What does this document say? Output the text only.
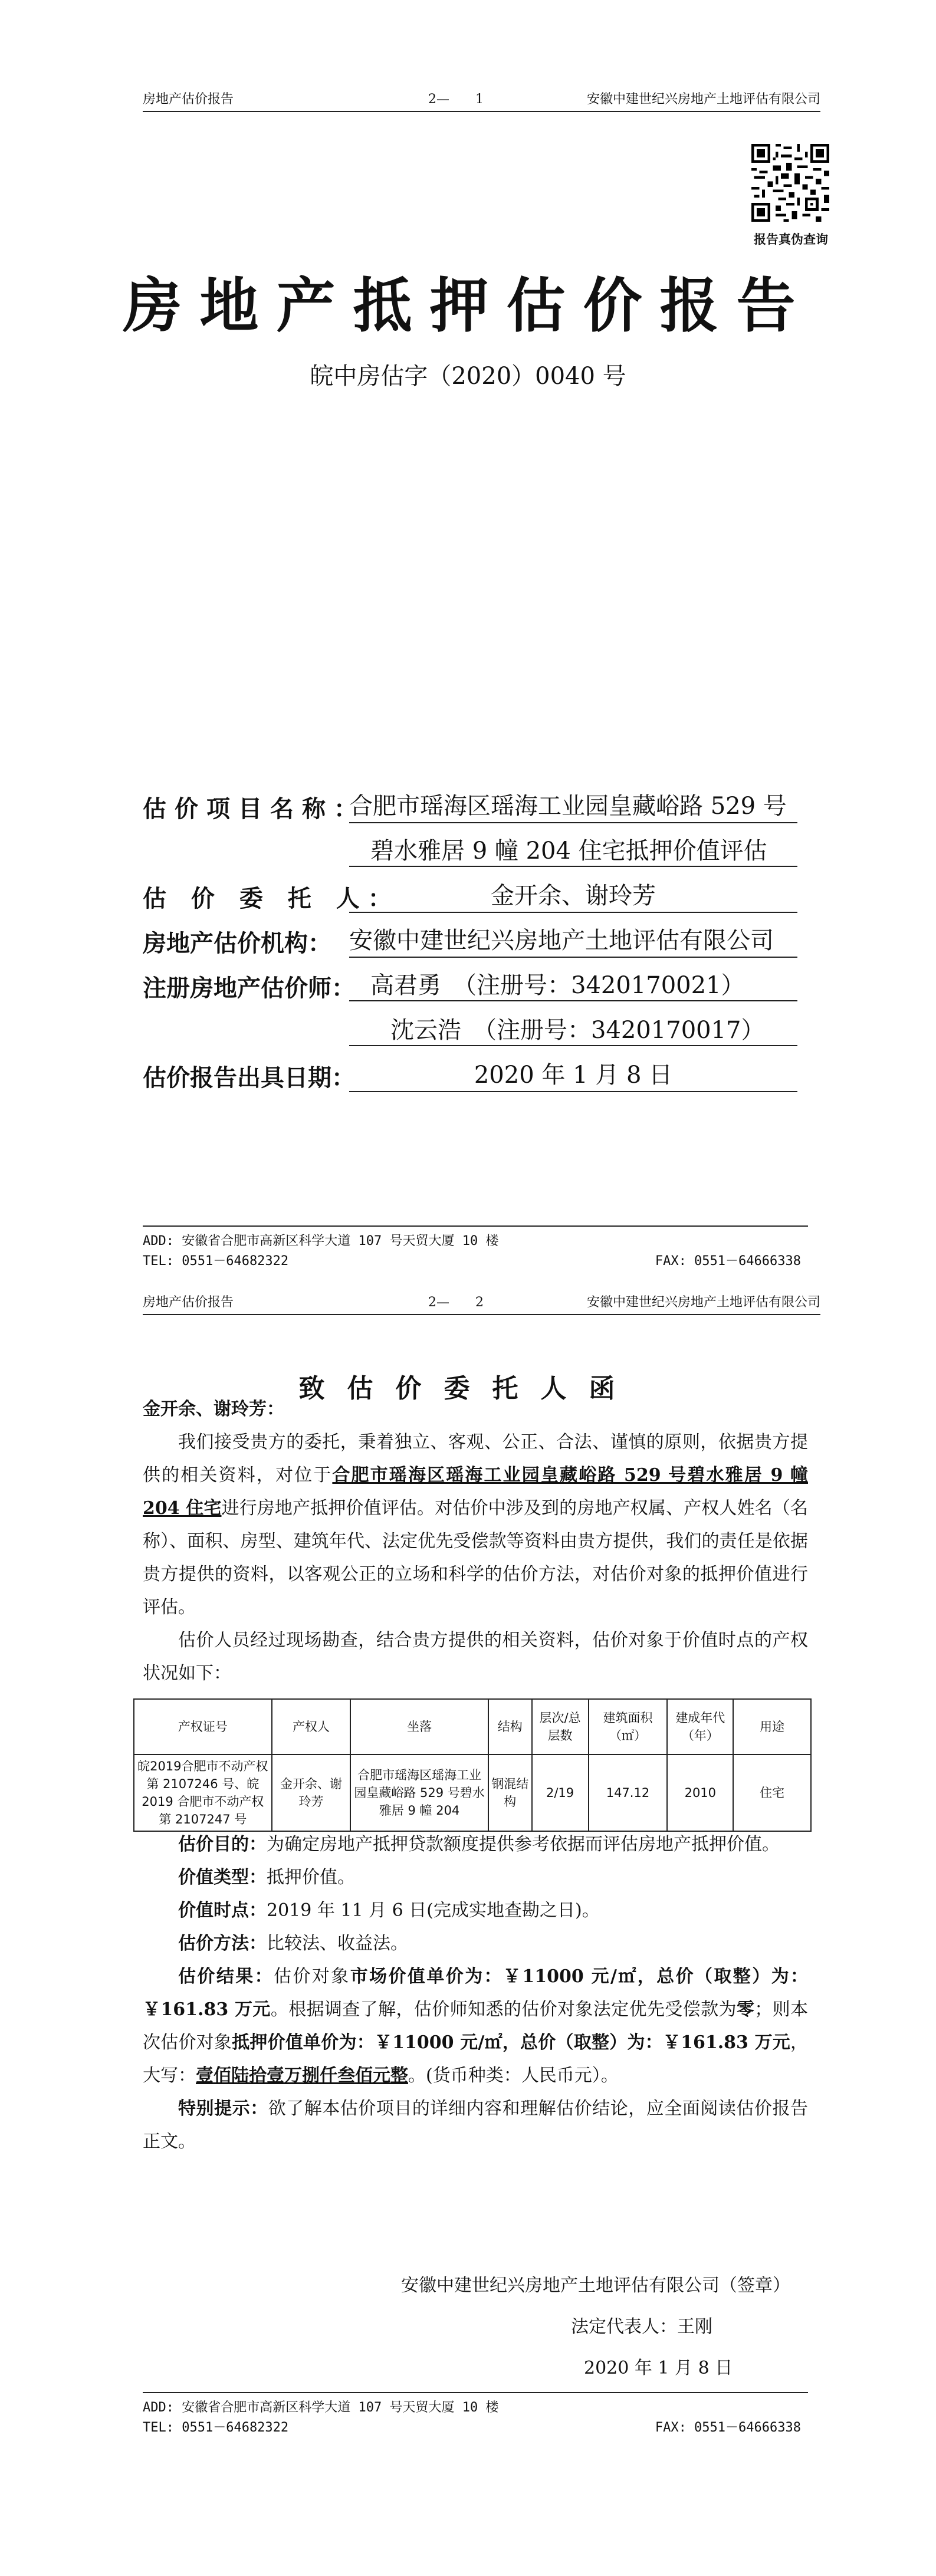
房地产估价报告	2—　　1	安徽中建世纪兴房地产土地评估有限公司
报告真伪查询
房地产抵押估价报告
皖中房估字（2020）0040 号
估价项目名称：
合肥市瑶海区瑶海工业园皇藏峪路 529 号
碧水雅居 9 幢 204 住宅抵押价值评估
估 价 委 托 人：	金开余、谢玲芳
房地产估价机构： 安徽中建世纪兴房地产土地评估有限公司
注册房地产估价师： 高君勇　（注册号：3420170021）
沈云浩　（注册号：3420170017）
估价报告出具日期：	2020 年 1 月 8 日
ADD: 安徽省合肥市高新区科学大道 107 号天贸大厦 10 楼
TEL: 0551－64682322	FAX: 0551－64666338
房地产估价报告	2—　　2	安徽中建世纪兴房地产土地评估有限公司
致估价委托人函
金开余、谢玲芳：
我们接受贵方的委托，秉着独立、客观、公正、合法、谨慎的原则，依据贵方提供的相关资料，对位于合肥市瑶海区瑶海工业园皇藏峪路 529 号碧水雅居 9 幢 204 住宅进行房地产抵押价值评估。对估价中涉及到的房地产权属、产权人姓名（名称）、面积、房型、建筑年代、法定优先受偿款等资料由贵方提供，我们的责任是依据贵方提供的资料，以客观公正的立场和科学的估价方法，对估价对象的抵押价值进行评估。
估价人员经过现场勘查，结合贵方提供的相关资料，估价对象于价值时点的产权状况如下：
产权证号	产权人	坐落	结构	层次/总层数	建筑面积（㎡）	建成年代（年）	用途
皖2019合肥市不动产权第 2107246 号、皖2019 合肥市不动产权第 2107247 号	金开余、谢玲芳	合肥市瑶海区瑶海工业园皇藏峪路 529 号碧水雅居 9 幢 204	钢混结构	2/19	147.12	2010	住宅
估价目的：为确定房地产抵押贷款额度提供参考依据而评估房地产抵押价值。
价值类型：抵押价值。
价值时点：2019 年 11 月 6 日(完成实地查勘之日)。
估价方法：比较法、收益法。
估价结果：估价对象市场价值单价为：￥11000 元/㎡，总价（取整）为：￥161.83 万元。根据调查了解，估价师知悉的估价对象法定优先受偿款为零；则本次估价对象抵押价值单价为：￥11000 元/㎡，总价（取整）为：￥161.83 万元，大写：壹佰陆拾壹万捌仟叁佰元整。(货币种类：人民币元）。
特别提示：欲了解本估价项目的详细内容和理解估价结论，应全面阅读估价报告正文。
安徽中建世纪兴房地产土地评估有限公司（签章）
法定代表人：王刚
2020 年 1 月 8 日
ADD: 安徽省合肥市高新区科学大道 107 号天贸大厦 10 楼
TEL: 0551－64682322	FAX: 0551－64666338
